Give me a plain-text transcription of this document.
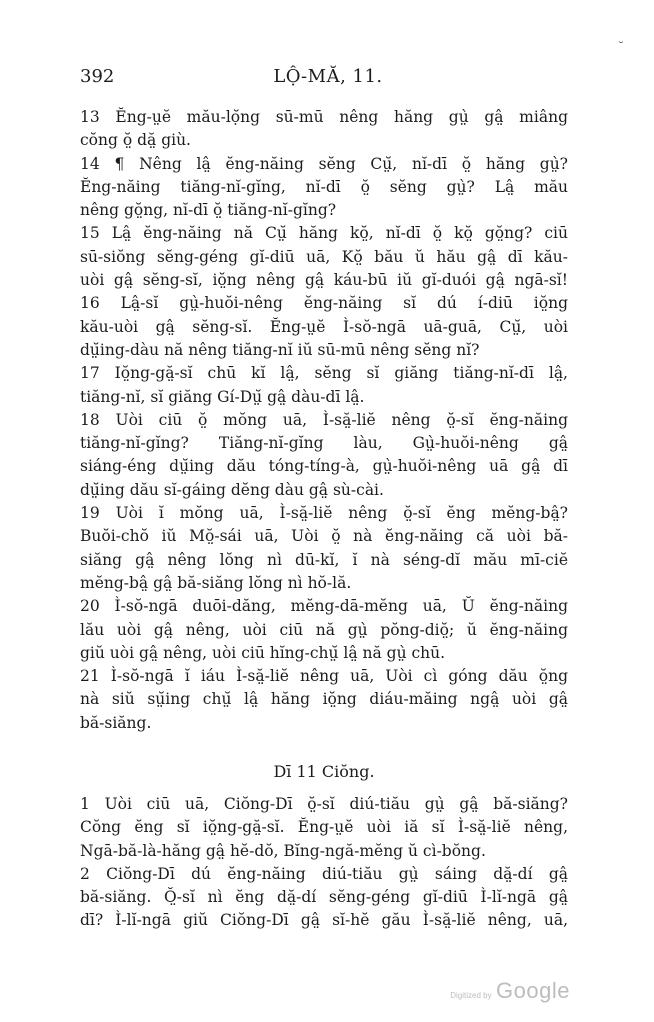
˘
392	LỘ-MĂ, 11.
13 Ĕng-ṳĕ mău-lọ̆ng sū-mū nêng hăng gṳ̀ gâ̤ miâng
cŏng ŏ̤ dă̤ giù.
14 ¶ Nêng lâ̤ ĕng-năing sĕng Cṳ̆, nĭ-dī ŏ̤ hăng gṳ̀?
Ĕng-năing tiăng-nĭ-gĭng, nĭ-dī ŏ̤ sĕng gṳ̀? Lâ̤ mău
nêng gŏ̤ng, nĭ-dī ŏ̤ tiăng-nĭ-gĭng?
15 Lâ̤ ĕng-năing nă Cṳ̆ hăng kŏ̤, nĭ-dī ŏ̤ kŏ̤ gŏ̤ng? ciū
sū-siŏng sĕng-géng gĭ-diū uā, Kŏ̤ bău ŭ hău gâ̤ dī kău-
uòi gâ̤ sĕng-sĭ, iŏ̤ng nêng gâ̤ káu-bū iŭ gĭ-duói gâ̤ ngā-sĭ!
16 Lâ̤-sĭ gṳ̀-huŏi-nêng ĕng-năing sĭ dú í-diū iŏ̤ng
kău-uòi gâ̤ sĕng-sĭ. Ĕng-ṳĕ Ì-sŏ-ngā uā-guā, Cṳ̆, uòi
dṳ̆ing-dàu nă nêng tiăng-nĭ iŭ sū-mū nêng sĕng nĭ?
17 Iŏ̤ng-gă̤-sĭ chū kĭ lâ̤, sĕng sĭ giăng tiăng-nĭ-dī lâ̤,
tiăng-nĭ, sĭ giăng Gí-Dṳ̆ gâ̤ dàu-dī lâ̤.
18 Uòi ciū ŏ̤ mŏng uā, Ì-să̤-liĕ nêng ŏ̤-sĭ ĕng-năing
tiăng-nĭ-gĭng? Tiăng-nĭ-gĭng làu, Gṳ̀-huŏi-nêng gâ̤
siáng-éng dṳ̆ing dău tóng-tíng-à, gṳ̀-huŏi-nêng uā gâ̤ dī
dṳ̆ing dău sĭ-gáing dĕng dàu gâ̤ sù-cài.
19 Uòi ĭ mŏng uā, Ì-să̤-liĕ nêng ŏ̤-sĭ ĕng mĕng-bâ̤?
Buŏi-chŏ iŭ Mŏ̤-sái uā, Uòi ŏ̤ nà ĕng-năing că uòi bă-
siăng gâ̤ nêng lŏng nì dū-kĭ, ĭ nà séng-dĭ mău mī-ciĕ
mĕng-bâ̤ gâ̤ bă-siăng lŏng nì hŏ-lă.
20 Ì-sŏ-ngā duōi-dăng, mĕng-dā-mĕng uā, Ŭ ĕng-năing
lău uòi gâ̤ nêng, uòi ciū nă gṳ̀ pŏng-diŏ̤; ŭ ĕng-năing
giŭ uòi gâ̤ nêng, uòi ciū hĭng-chṳ̆ lâ̤ nă gṳ̀ chū.
21 Ì-sŏ-ngā ĭ iáu Ì-să̤-liĕ nêng uā, Uòi cì góng dău ŏ̤ng
nà siŭ sṳ̆ing chṳ̆ lâ̤ hăng iŏ̤ng diáu-măing ngâ̤ uòi gâ̤
bă-siăng.
Dī 11 Ciŏng.
1 Uòi ciū uā, Ciŏng-Dī ŏ̤-sĭ diú-tiău gṳ̀ gâ̤ bă-siăng?
Cŏng ĕng sĭ iŏ̤ng-gă̤-sĭ. Ĕng-ṳĕ uòi iă sĭ Ì-să̤-liĕ nêng,
Ngā-bă-là-hăng gâ̤ hĕ-dŏ, Bĭng-ngă-mĕng ŭ cì-bŏng.
2 Ciŏng-Dī dú ĕng-năing diú-tiău gṳ̀ sáing dă̤-dí gâ̤
bă-siăng. Ŏ̤-sĭ nì ĕng dă̤-dí sĕng-géng gĭ-diū Ì-lĭ-ngā gâ̤
dī? Ì-lĭ-ngā giŭ Ciŏng-Dī gâ̤ sĭ-hĕ gău Ì-să̤-liĕ nêng, uā,
Digitized by Google
